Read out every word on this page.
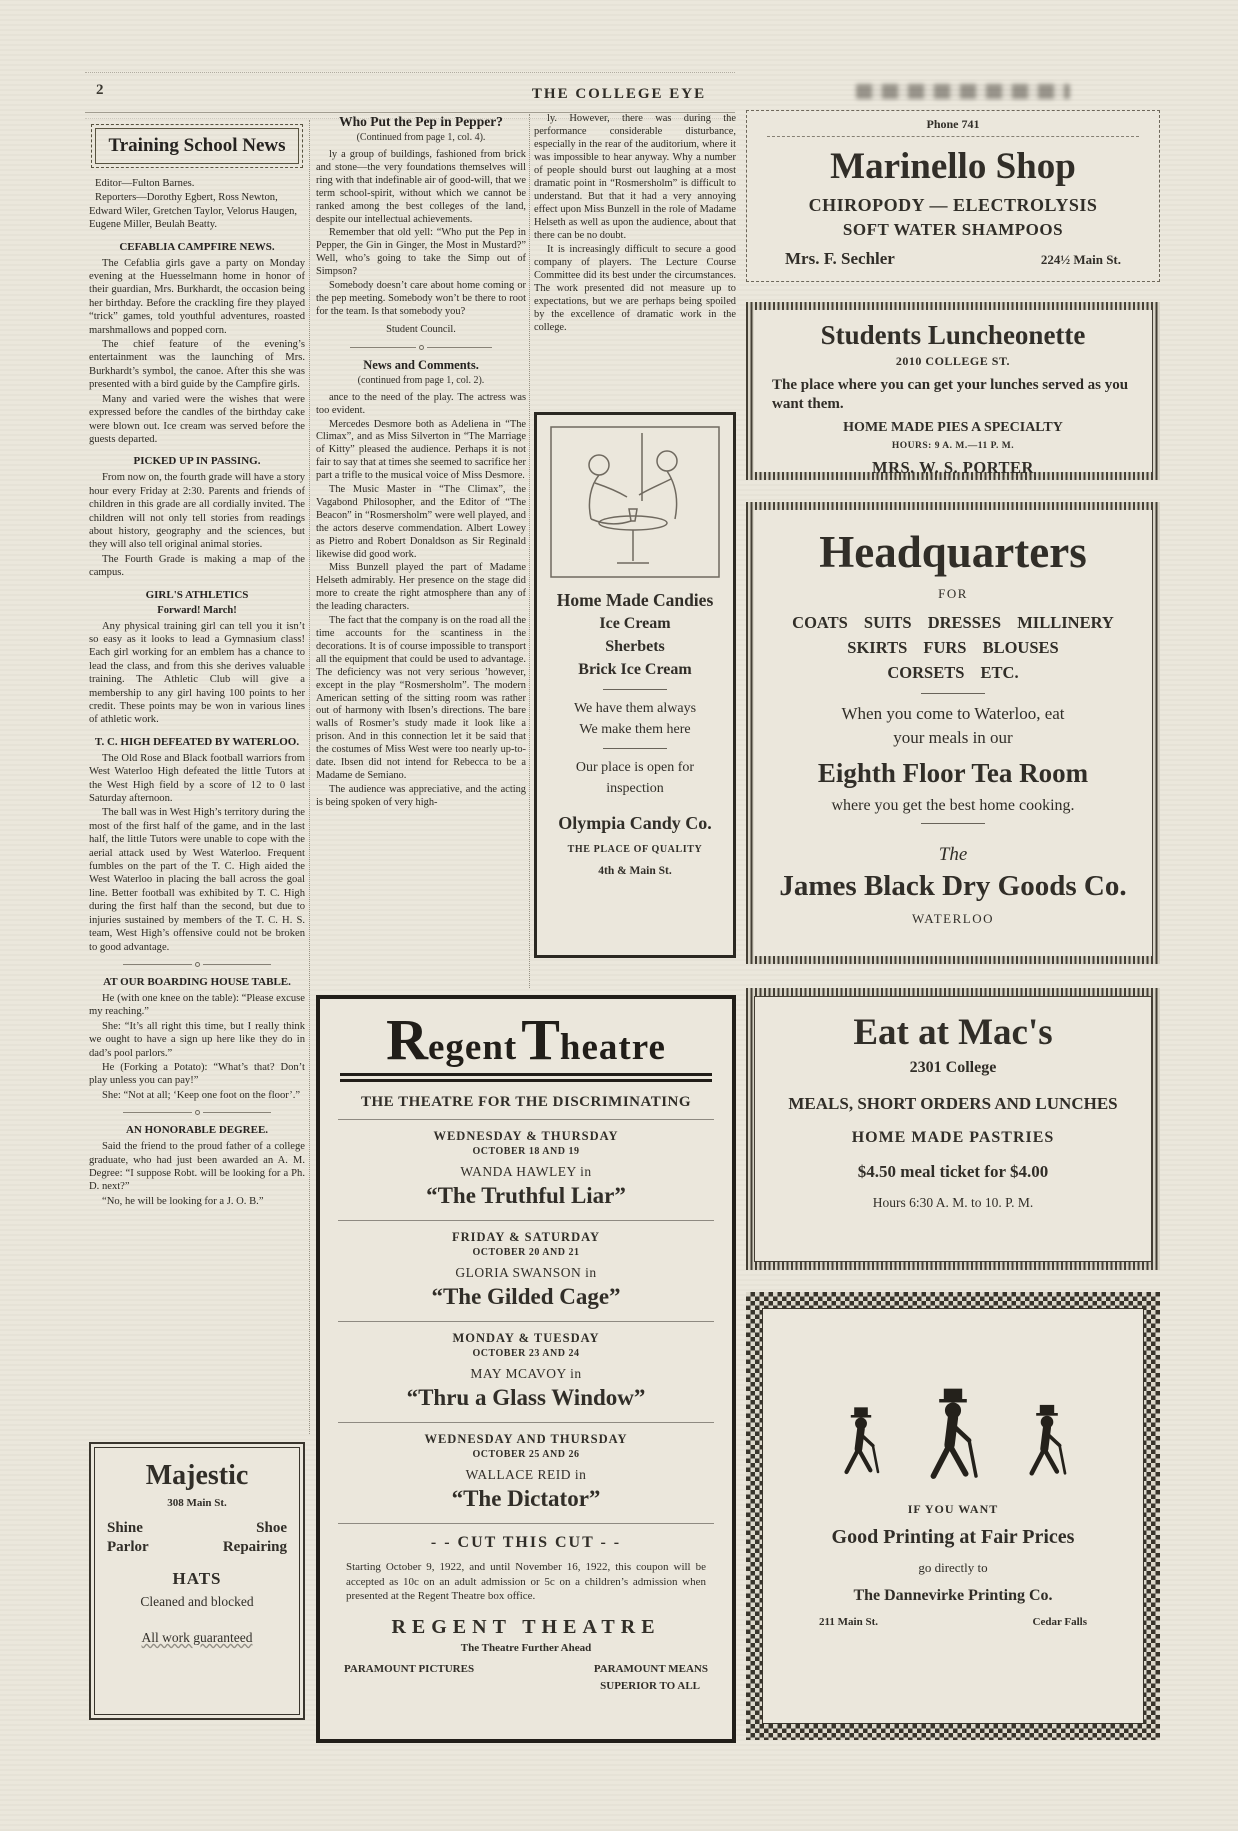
2	THE COLLEGE EYE
Training School News

Editor—Fulton Barnes.

Reporters—Dorothy Egbert, Ross Newton, Edward Wiler, Gretchen Taylor, Velorus Haugen, Eugene Miller, Beulah Beatty.

CEFABLIA CAMPFIRE NEWS.

The Cefablia girls gave a party on Monday evening at the Huesselmann home in honor of their guardian, Mrs. Burkhardt, the occasion being her birthday. Before the crackling fire they played “trick” games, told youthful adventures, roasted marshmallows and popped corn.

The chief feature of the evening’s entertainment was the launching of Mrs. Burkhardt’s symbol, the canoe. After this she was presented with a bird guide by the Campfire girls.

Many and varied were the wishes that were expressed before the candles of the birthday cake were blown out. Ice cream was served before the guests departed.

PICKED UP IN PASSING.

From now on, the fourth grade will have a story hour every Friday at 2:30. Parents and friends of children in this grade are all cordially invited. The children will not only tell stories from readings about history, geography and the sciences, but they will also tell original animal stories.

The Fourth Grade is making a map of the campus.

GIRL'S ATHLETICS
Forward! March!

Any physical training girl can tell you it isn’t so easy as it looks to lead a Gymnasium class! Each girl working for an emblem has a chance to lead the class, and from this she derives valuable training. The Athletic Club will give a membership to any girl having 100 points to her credit. These points may be won in various lines of athletic work.

T. C. HIGH DEFEATED BY WATERLOO.

The Old Rose and Black football warriors from West Waterloo High defeated the little Tutors at the West High field by a score of 12 to 0 last Saturday afternoon.

The ball was in West High’s territory during the most of the first half of the game, and in the last half, the little Tutors were unable to cope with the aerial attack used by West Waterloo. Frequent fumbles on the part of the T. C. High aided the West Waterloo in placing the ball across the goal line. Better football was exhibited by T. C. High during the first half than the second, but due to injuries sustained by members of the T. C. H. S. team, West High’s offensive could not be broken to good advantage.

AT OUR BOARDING HOUSE TABLE.

He (with one knee on the table): “Please excuse my reaching.”

She: “It’s all right this time, but I really think we ought to have a sign up here like they do in dad’s pool parlors.”

He (Forking a Potato): “What’s that? Don’t play unless you can pay!”

She: “Not at all; ‘Keep one foot on the floor’.”

AN HONORABLE DEGREE.

Said the friend to the proud father of a college graduate, who had just been awarded an A. M. Degree: “I suppose Robt. will be looking for a Ph. D. next?”

“No, he will be looking for a J. O. B.”

Majestic
308 Main St.
Shine Parlor
Shoe Repairing
HATS
Cleaned and blocked
All work guaranteed
Who Put the Pep in Pepper?
(Continued from page 1, col. 4).

ly a group of buildings, fashioned from brick and stone—the very foundations themselves will ring with that indefinable air of good-will, that we term school-spirit, without which we cannot be ranked among the best colleges of the land, despite our intellectual achievements.

Remember that old yell: “Who put the Pep in Pepper, the Gin in Ginger, the Most in Mustard?” Well, who’s going to take the Simp out of Simpson?

Somebody doesn’t care about home coming or the pep meeting. Somebody won’t be there to root for the team. Is that somebody you?

Student Council.
News and Comments.
(continued from page 1, col. 2).

ance to the need of the play. The actress was too evident.

Mercedes Desmore both as Adeliena in “The Climax”, and as Miss Silverton in “The Marriage of Kitty” pleased the audience. Perhaps it is not fair to say that at times she seemed to sacrifice her part a trifle to the musical voice of Miss Desmore.

The Music Master in “The Climax”, the Vagabond Philosopher, and the Editor of “The Beacon” in “Rosmersholm” were well played, and the actors deserve commendation. Albert Lowey as Pietro and Robert Donaldson as Sir Reginald likewise did good work.

Miss Bunzell played the part of Madame Helseth admirably. Her presence on the stage did more to create the right atmosphere than any of the leading characters.

The fact that the company is on the road all the time accounts for the scantiness in the decorations. It is of course impossible to transport all the equipment that could be used to advantage. The deficiency was not very serious ’however, except in the play “Rosmersholm”. The modern American setting of the sitting room was rather out of harmony with Ibsen’s directions. The bare walls of Rosmer’s study made it look like a prison. And in this connection let it be said that the costumes of Miss West were too nearly up-to-date. Ibsen did not intend for Rebecca to be a Madame de Semiano.

The audience was appreciative, and the acting is being spoken of very high-

ly. However, there was during the performance considerable disturbance, especially in the rear of the auditorium, where it was impossible to hear anyway. Why a number of people should burst out laughing at a most dramatic point in “Rosmersholm” is difficult to understand. But that it had a very annoying effect upon Miss Bunzell in the role of Madame Helseth as well as upon the audience, about that there can be no doubt.

It is increasingly difficult to secure a good company of players. The Lecture Course Committee did its best under the circumstances. The work presented did not measure up to expectations, but we are perhaps being spoiled by the excellence of dramatic work in the college.

Home Made Candies

Ice Cream

Sherbets

Brick Ice Cream

We have them always

We make them here

Our place is open for inspection
Olympia Candy Co.
THE PLACE OF QUALITY
4th & Main St.
Regent Theatre
THE THEATRE FOR THE DISCRIMINATING
WEDNESDAY & THURSDAY
OCTOBER 18 AND 19
WANDA HAWLEY in
“The Truthful Liar”
FRIDAY & SATURDAY
OCTOBER 20 AND 21
GLORIA SWANSON in
“The Gilded Cage”
MONDAY & TUESDAY
OCTOBER 23 AND 24
MAY MCAVOY in
“Thru a Glass Window”
WEDNESDAY AND THURSDAY
OCTOBER 25 AND 26
WALLACE REID in
“The Dictator”
- - CUT THIS CUT - -
Starting October 9, 1922, and until November 16, 1922, this coupon will be accepted as 10c on an adult admission or 5c on a children’s admission when presented at the Regent Theatre box office.
REGENT THEATRE
The Theatre Further Ahead
PARAMOUNT PICTURES	PARAMOUNT MEANS
SUPERIOR TO ALL
Phone 741
Marinello Shop
CHIROPODY — ELECTROLYSIS
SOFT WATER SHAMPOOS
Mrs. F. Sechler	224½ Main St.
Students Luncheonette
2010 COLLEGE ST.
The place where you can get your lunches served as you want them.
HOME MADE PIES A SPECIALTY
HOURS: 9 A. M.—11 P. M.
MRS. W. S. PORTER
Headquarters
FOR
COATS SUITS DRESSES MILLINERY
SKIRTS FURS BLOUSES
CORSETS ETC.

When you come to Waterloo, eat

your meals in our

Eighth Floor Tea Room
where you get the best home cooking.
The
James Black Dry Goods Co.
WATERLOO
Eat at Mac's
2301 College
MEALS, SHORT ORDERS AND LUNCHES
HOME MADE PASTRIES
$4.50 meal ticket for $4.00
Hours 6:30 A. M. to 10. P. M.
IF YOU WANT
Good Printing at Fair Prices
go directly to
The Dannevirke Printing Co.
211 Main St.	Cedar Falls
